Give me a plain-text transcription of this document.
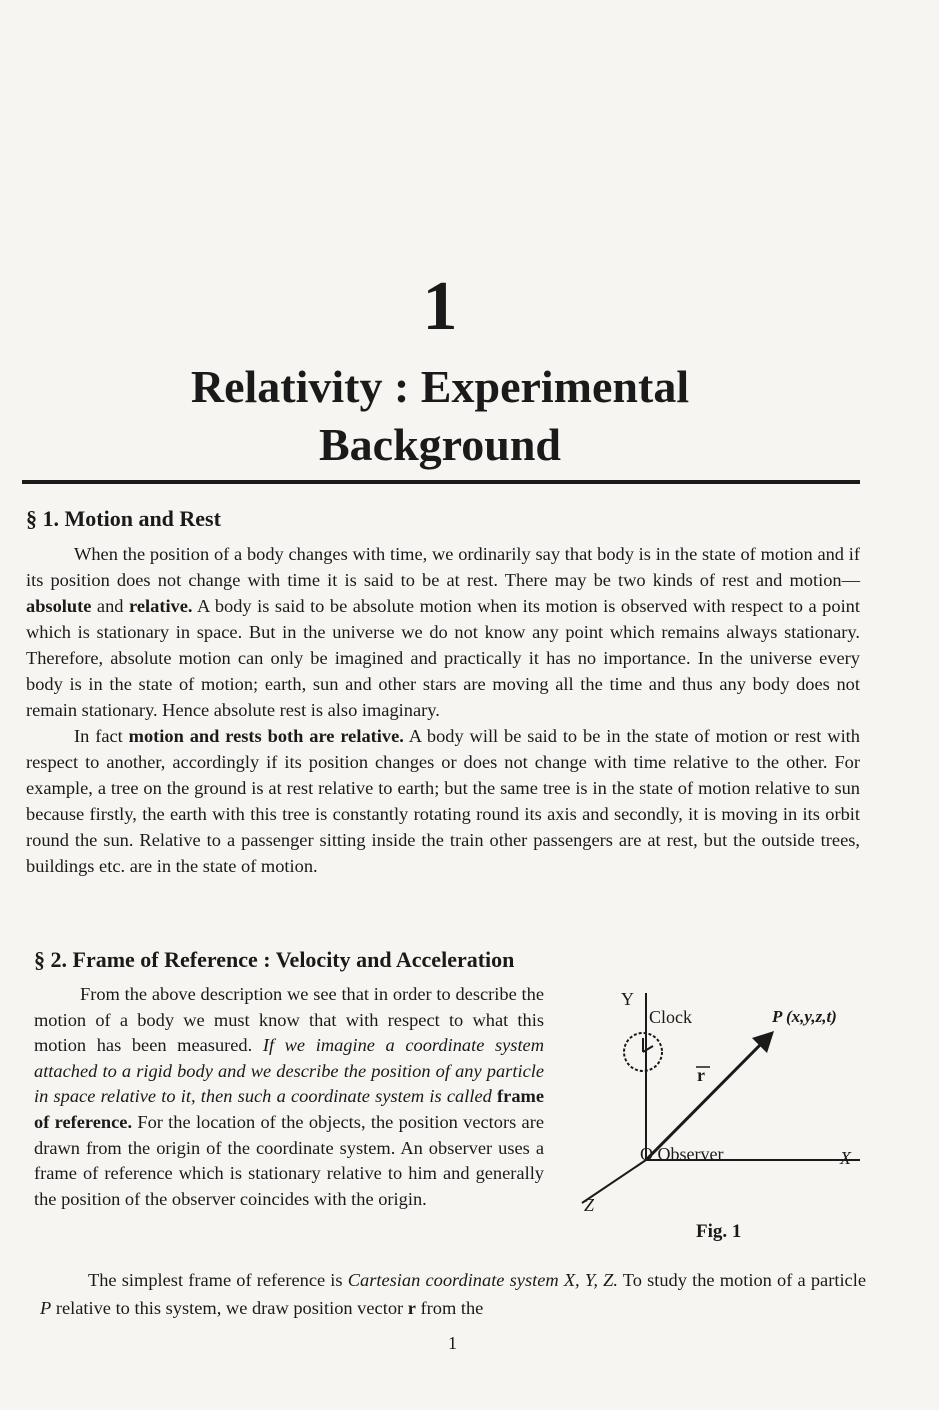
1
Relativity : Experimental
Background
§ 1. Motion and Rest

When the position of a body changes with time, we ordinarily say that body is in the state of motion and if its position does not change with time it is said to be at rest. There may be two kinds of rest and motion—absolute and relative. A body is said to be absolute motion when its motion is observed with respect to a point which is stationary in space. But in the universe we do not know any point which remains always stationary. Therefore, absolute motion can only be imagined and practically it has no importance. In the universe every body is in the state of motion; earth, sun and other stars are moving all the time and thus any body does not remain stationary. Hence absolute rest is also imaginary.

In fact motion and rests both are relative. A body will be said to be in the state of motion or rest with respect to another, accordingly if its position changes or does not change with time relative to the other. For example, a tree on the ground is at rest relative to earth; but the same tree is in the state of motion relative to sun because firstly, the earth with this tree is constantly rotating round its axis and secondly, it is moving in its orbit round the sun. Relative to a passenger sitting inside the train other passengers are at rest, but the outside trees, buildings etc. are in the state of motion.

§ 2. Frame of Reference : Velocity and Acceleration

From the above description we see that in order to describe the motion of a body we must know that with respect to what this motion has been measured. If we imagine a coordinate system attached to a rigid body and we describe the position of any particle in space relative to it, then such a coordinate system is called frame of reference. For the location of the objects, the position vectors are drawn from the origin of the coordinate system. An observer uses a frame of reference which is stationary relative to him and generally the position of the observer coincides with the origin.

The simplest frame of reference is Cartesian coordinate system X, Y, Z. To study the motion of a particle P relative to this system, we draw position vector r from the

Y
Clock	P (x,y,z,t)
r
O Observer	X
Z
Fig. 1
1
